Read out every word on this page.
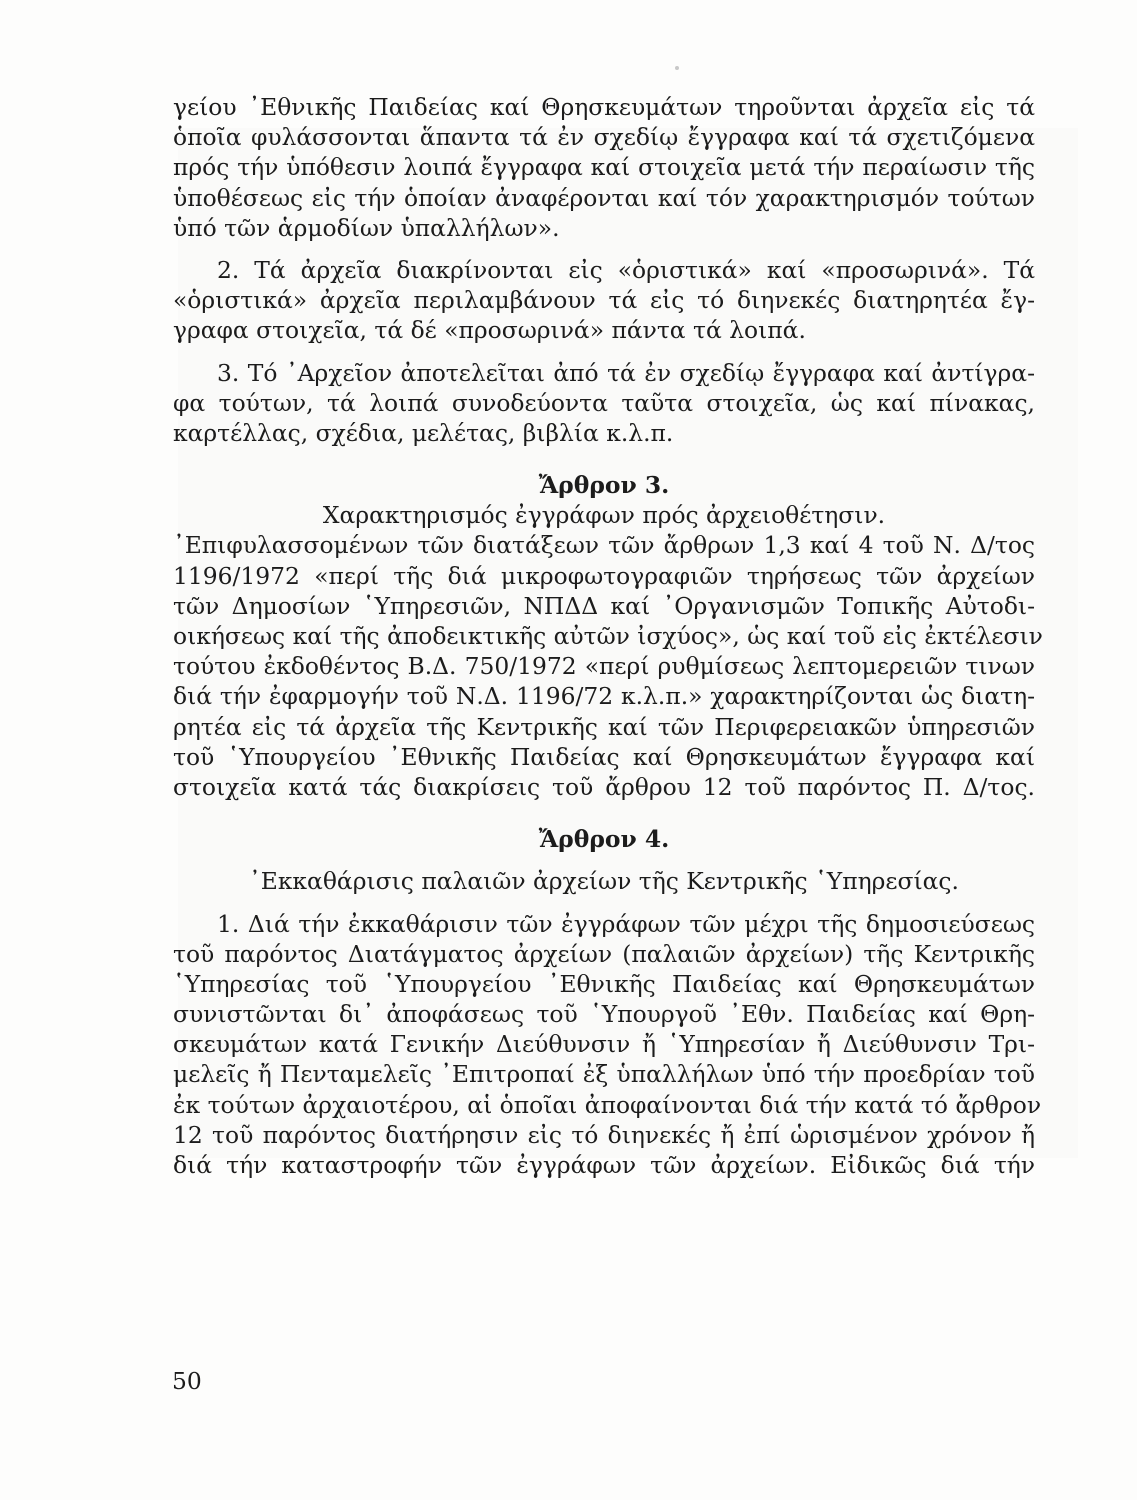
γείου ᾿Εθνικῆς Παιδείας καί Θρησκευμάτων τηροῦνται ἀρχεῖα εἰς τά
ὁποῖα φυλάσσονται ἅπαντα τά ἐν σχεδίῳ ἔγγραφα καί τά σχετιζόμενα
πρός τήν ὑπόθεσιν λοιπά ἔγγραφα καί στοιχεῖα μετά τήν περαίωσιν τῆς
ὑποθέσεως εἰς τήν ὁποίαν ἀναφέρονται καί τόν χαρακτηρισμόν τούτων
ὑπό τῶν ἁρμοδίων ὑπαλλήλων».
2. Τά ἀρχεῖα διακρίνονται εἰς «ὁριστικά» καί «προσωρινά». Τά
«ὁριστικά» ἀρχεῖα περιλαμβάνουν τά εἰς τό διηνεκές διατηρητέα ἔγ-
γραφα στοιχεῖα, τά δέ «προσωρινά» πάντα τά λοιπά.
3. Τό ᾿Αρχεῖον ἀποτελεῖται ἀπό τά ἐν σχεδίῳ ἔγγραφα καί ἀντίγρα-
φα τούτων, τά λοιπά συνοδεύοντα ταῦτα στοιχεῖα, ὡς καί πίνακας,
καρτέλλας, σχέδια, μελέτας, βιβλία κ.λ.π.
Ἄρθρον 3.
Χαρακτηρισμός ἐγγράφων πρός ἀρχειοθέτησιν.
᾿Επιφυλασσομένων τῶν διατάξεων τῶν ἄρθρων 1,3 καί 4 τοῦ Ν. Δ/τος
1196/1972 «περί τῆς διά μικροφωτογραφιῶν τηρήσεως τῶν ἀρχείων
τῶν Δημοσίων ῾Υπηρεσιῶν, ΝΠΔΔ καί ᾿Οργανισμῶν Τοπικῆς Αὐτοδι-
οικήσεως καί τῆς ἀποδεικτικῆς αὐτῶν ἰσχύος», ὡς καί τοῦ εἰς ἐκτέλεσιν
τούτου ἐκδοθέντος Β.Δ. 750/1972 «περί ρυθμίσεως λεπτομερειῶν τινων
διά τήν ἐφαρμογήν τοῦ Ν.Δ. 1196/72 κ.λ.π.» χαρακτηρίζονται ὡς διατη-
ρητέα εἰς τά ἀρχεῖα τῆς Κεντρικῆς καί τῶν Περιφερειακῶν ὑπηρεσιῶν
τοῦ ῾Υπουργείου ᾿Εθνικῆς Παιδείας καί Θρησκευμάτων ἔγγραφα καί
στοιχεῖα κατά τάς διακρίσεις τοῦ ἄρθρου 12 τοῦ παρόντος Π. Δ/τος.
Ἄρθρον 4.
᾿Εκκαθάρισις παλαιῶν ἀρχείων τῆς Κεντρικῆς ῾Υπηρεσίας.
1. Διά τήν ἐκκαθάρισιν τῶν ἐγγράφων τῶν μέχρι τῆς δημοσιεύσεως
τοῦ παρόντος Διατάγματος ἀρχείων (παλαιῶν ἀρχείων) τῆς Κεντρικῆς
῾Υπηρεσίας τοῦ ῾Υπουργείου ᾿Εθνικῆς Παιδείας καί Θρησκευμάτων
συνιστῶνται δι᾿ ἀποφάσεως τοῦ ῾Υπουργοῦ ᾿Εθν. Παιδείας καί Θρη-
σκευμάτων κατά Γενικήν Διεύθυνσιν ἤ ῾Υπηρεσίαν ἤ Διεύθυνσιν Τρι-
μελεῖς ἤ Πενταμελεῖς ᾿Επιτροπαί ἐξ ὑπαλλήλων ὑπό τήν προεδρίαν τοῦ
ἐκ τούτων ἀρχαιοτέρου, αἱ ὁποῖαι ἀποφαίνονται διά τήν κατά τό ἄρθρον
12 τοῦ παρόντος διατήρησιν εἰς τό διηνεκές ἤ ἐπί ὡρισμένον χρόνον ἤ
διά τήν καταστροφήν τῶν ἐγγράφων τῶν ἀρχείων. Εἰδικῶς διά τήν
50
